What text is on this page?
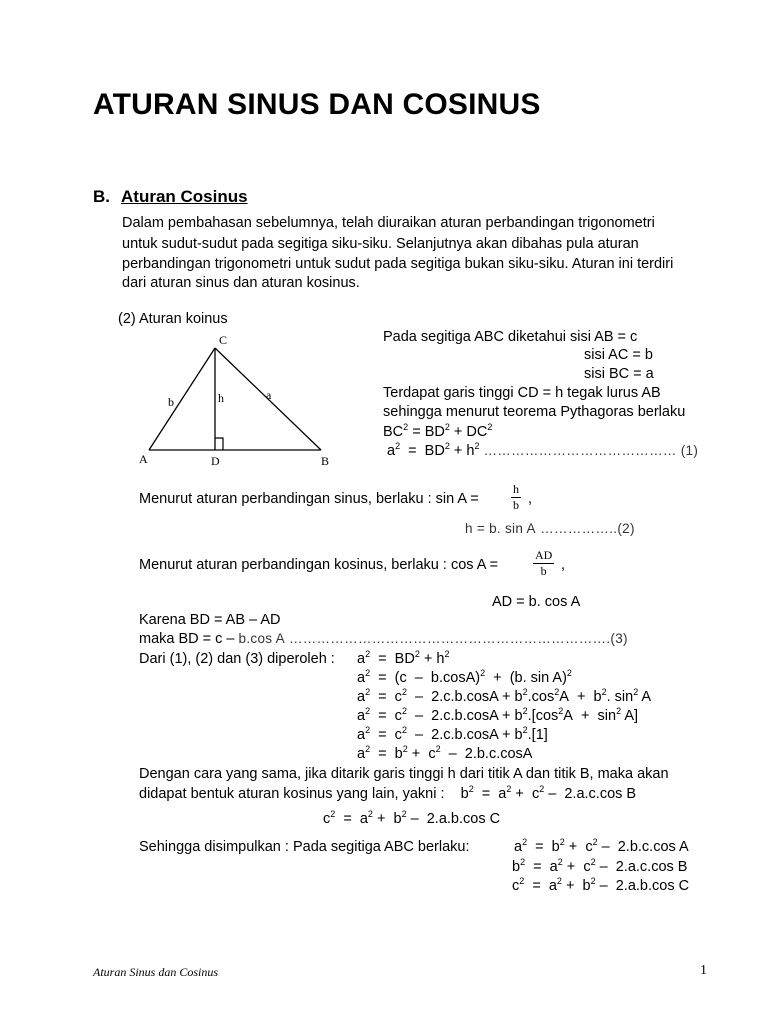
ATURAN SINUS DAN COSINUS
B. Aturan Cosinus
Dalam pembahasan sebelumnya, telah diuraikan aturan perbandingan trigonometri
untuk sudut-sudut pada segitiga siku-siku. Selanjutnya akan dibahas pula aturan
perbandingan trigonometri untuk sudut pada segitiga bukan siku-siku. Aturan ini terdiri
dari aturan sinus dan aturan kosinus.
(2) Aturan koinus
C
A	B
D
b	a
h
Pada segitiga ABC diketahui sisi AB = c
sisi AC = b
sisi BC = a
Terdapat garis tinggi CD = h tegak lurus AB
sehingga menurut teorema Pythagoras berlaku
$BC^2 = BD^2 + DC^2$
$a^2 = BD^2 + h^2$ …………………………………… (1)
Menurut aturan perbandingan sinus, berlaku : sin A =	$\frac{h}{b}$ ,
h = b. sin A ……………..(2)
Menurut aturan perbandingan kosinus, berlaku : cos A =	$\frac{AD}{b}$ ,
AD = b. cos A
Karena BD = AB – AD
maka BD = c – b.cos A …………………………………………………………….(3)
Dari (1), (2) dan (3) diperoleh : $a^2 = BD^2 + h^2$
$a^2 = (c - b.\cos A)^2 + (b$. sin A)$^2$
$a^2 = c^2 - 2.c.b.\cos A + b^2.\cos^2A + b^2$. $\sin^2 A$
$a^2 = c^2 - 2.c.b.\cos A + b^2.[\cos^2A + \sin^2 A]$
$a^2 = c^2 - 2.c.b.\cos A + b^2.[1]$
$a^2 = b^2 + c^2 - 2.b.c.\cos A$
Dengan cara yang sama, jika ditarik garis tinggi h dari titik A dan titik B, maka akan
didapat bentuk aturan kosinus yang lain, yakni :    $b^2 = a^2 + c^2 - 2.a.c.\cos$ B
$c^2 = a^2 + b^2 - 2.a.b.\cos$ C
Sehingga disimpulkan : Pada segitiga ABC berlaku:	$a^2 = b^2 + c^2 - 2.b.c.\cos$ A
$b^2 = a^2 + c^2 - 2.a.c.\cos$ B
$c^2 = a^2 + b^2 - 2.a.b.\cos$ C
Aturan Sinus dan Cosinus	1
